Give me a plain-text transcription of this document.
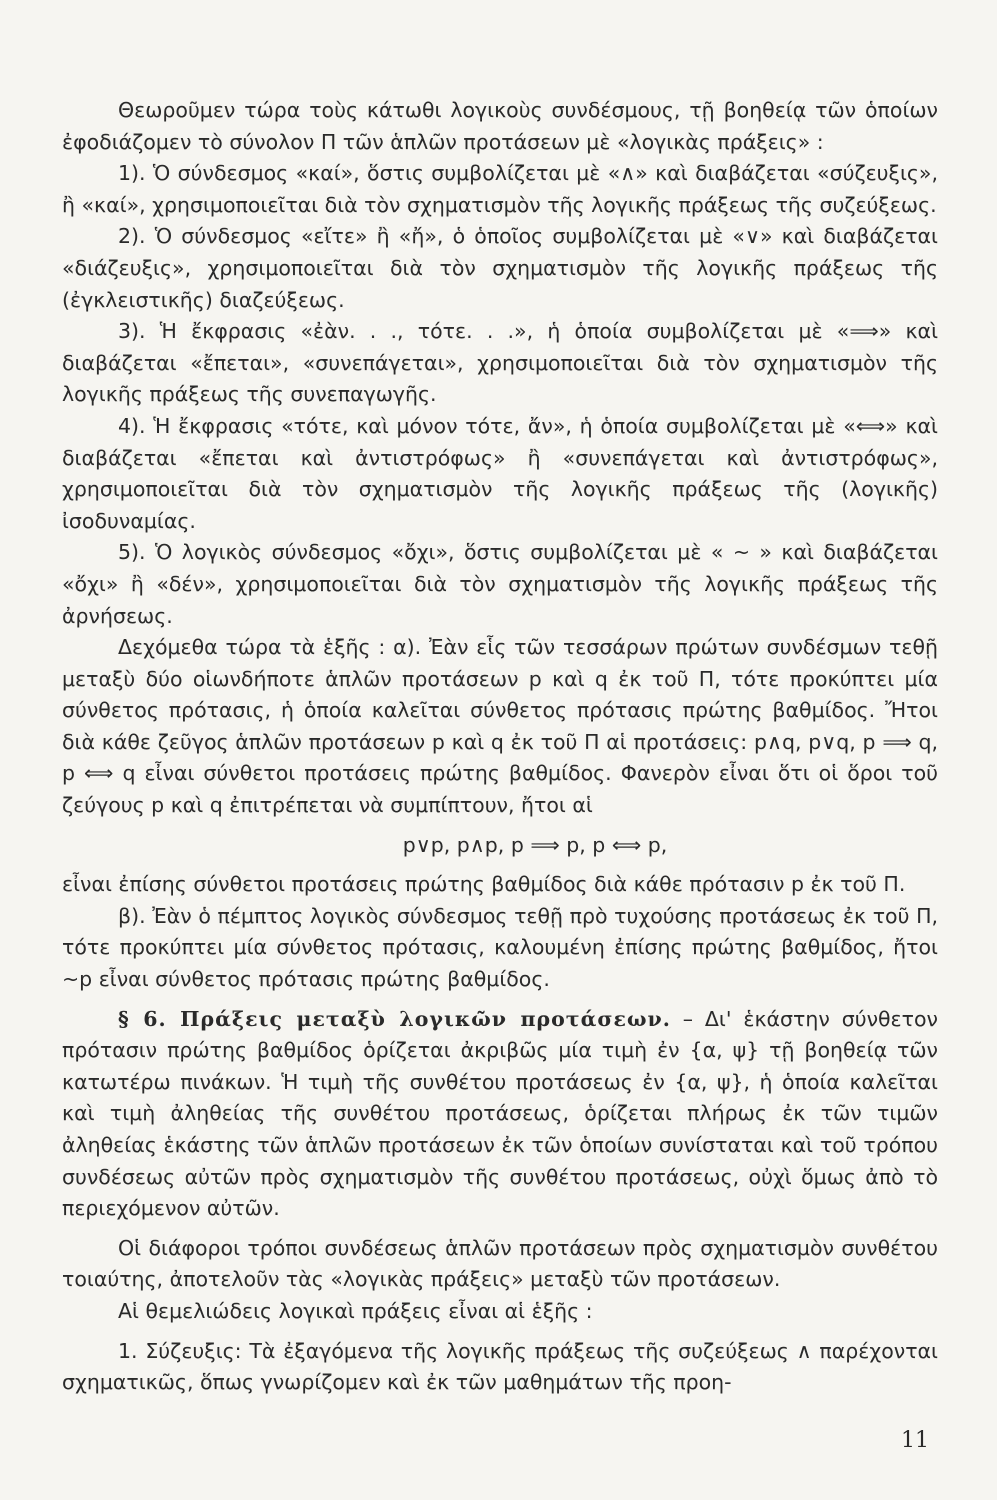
Θεωροῦμεν τώρα τοὺς κάτωθι λογικοὺς συνδέσμους, τῇ βοηθείᾳ τῶν ὁποίων ἐφοδιάζομεν τὸ σύνολον Π τῶν ἁπλῶν προτάσεων μὲ «λογικὰς πράξεις» :

1). Ὁ σύνδεσμος «καί», ὅστις συμβολίζεται μὲ «∧» καὶ διαβάζεται «σύζευξις», ἢ «καί», χρησιμοποιεῖται διὰ τὸν σχηματισμὸν τῆς λογικῆς πράξεως τῆς συζεύξεως.

2). Ὁ σύνδεσμος «εἴτε» ἢ «ἤ», ὁ ὁποῖος συμβολίζεται μὲ «∨» καὶ διαβάζεται «διάζευξις», χρησιμοποιεῖται διὰ τὸν σχηματισμὸν τῆς λογικῆς πράξεως τῆς (ἐγκλειστικῆς) διαζεύξεως.

3). Ἡ ἔκφρασις «ἐὰν. . ., τότε. . .», ἡ ὁποία συμβολίζεται μὲ «⟹» καὶ διαβάζεται «ἔπεται», «συνεπάγεται», χρησιμοποιεῖται διὰ τὸν σχηματισμὸν τῆς λογικῆς πράξεως τῆς συνεπαγωγῆς.

4). Ἡ ἔκφρασις «τότε, καὶ μόνον τότε, ἄν», ἡ ὁποία συμβολίζεται μὲ «⟺» καὶ διαβάζεται «ἔπεται καὶ ἀντιστρόφως» ἢ «συνεπάγεται καὶ ἀντιστρόφως», χρησιμοποιεῖται διὰ τὸν σχηματισμὸν τῆς λογικῆς πράξεως τῆς (λογικῆς) ἰσοδυναμίας.

5). Ὁ λογικὸς σύνδεσμος «ὄχι», ὅστις συμβολίζεται μὲ « ~ » καὶ διαβάζεται «ὄχι» ἢ «δέν», χρησιμοποιεῖται διὰ τὸν σχηματισμὸν τῆς λογικῆς πράξεως τῆς ἀρνήσεως.

Δεχόμεθα τώρα τὰ ἑξῆς : α). Ἐὰν εἷς τῶν τεσσάρων πρώτων συνδέσμων τεθῇ μεταξὺ δύο οἱωνδήποτε ἁπλῶν προτάσεων p καὶ q ἐκ τοῦ Π, τότε προκύπτει μία σύνθετος πρότασις, ἡ ὁποία καλεῖται σύνθετος πρότασις πρώτης βαθμίδος. Ἤτοι διὰ κάθε ζεῦγος ἁπλῶν προτάσεων p καὶ q ἐκ τοῦ Π αἱ προτάσεις: p∧q, p∨q, p ⟹ q, p ⟺ q εἶναι σύνθετοι προτάσεις πρώτης βαθμίδος. Φανερὸν εἶναι ὅτι οἱ ὅροι τοῦ ζεύγους p καὶ q ἐπιτρέπεται νὰ συμπίπτουν, ἤτοι αἱ

p∨p, p∧p, p ⟹ p, p ⟺ p,

εἶναι ἐπίσης σύνθετοι προτάσεις πρώτης βαθμίδος διὰ κάθε πρότασιν p ἐκ τοῦ Π.

β). Ἐὰν ὁ πέμπτος λογικὸς σύνδεσμος τεθῇ πρὸ τυχούσης προτάσεως ἐκ τοῦ Π, τότε προκύπτει μία σύνθετος πρότασις, καλουμένη ἐπίσης πρώτης βαθμίδος, ἤτοι ~p εἶναι σύνθετος πρότασις πρώτης βαθμίδος.

§ 6. Πράξεις μεταξὺ λογικῶν προτάσεων. – Δι' ἑκάστην σύνθετον πρότασιν πρώτης βαθμίδος ὁρίζεται ἀκριβῶς μία τιμὴ ἐν {α, ψ} τῇ βοηθείᾳ τῶν κατωτέρω πινάκων. Ἡ τιμὴ τῆς συνθέτου προτάσεως ἐν {α, ψ}, ἡ ὁποία καλεῖται καὶ τιμὴ ἀληθείας τῆς συνθέτου προτάσεως, ὁρίζεται πλήρως ἐκ τῶν τιμῶν ἀληθείας ἑκάστης τῶν ἁπλῶν προτάσεων ἐκ τῶν ὁποίων συνίσταται καὶ τοῦ τρόπου συνδέσεως αὐτῶν πρὸς σχηματισμὸν τῆς συνθέτου προτάσεως, οὐχὶ ὅμως ἀπὸ τὸ περιεχόμενον αὐτῶν.

Οἱ διάφοροι τρόποι συνδέσεως ἁπλῶν προτάσεων πρὸς σχηματισμὸν συνθέτου τοιαύτης, ἀποτελοῦν τὰς «λογικὰς πράξεις» μεταξὺ τῶν προτάσεων.

Αἱ θεμελιώδεις λογικαὶ πράξεις εἶναι αἱ ἑξῆς :

1. Σύζευξις: Τὰ ἐξαγόμενα τῆς λογικῆς πράξεως τῆς συζεύξεως ∧ παρέχονται σχηματικῶς, ὅπως γνωρίζομεν καὶ ἐκ τῶν μαθημάτων τῆς προη-

11
